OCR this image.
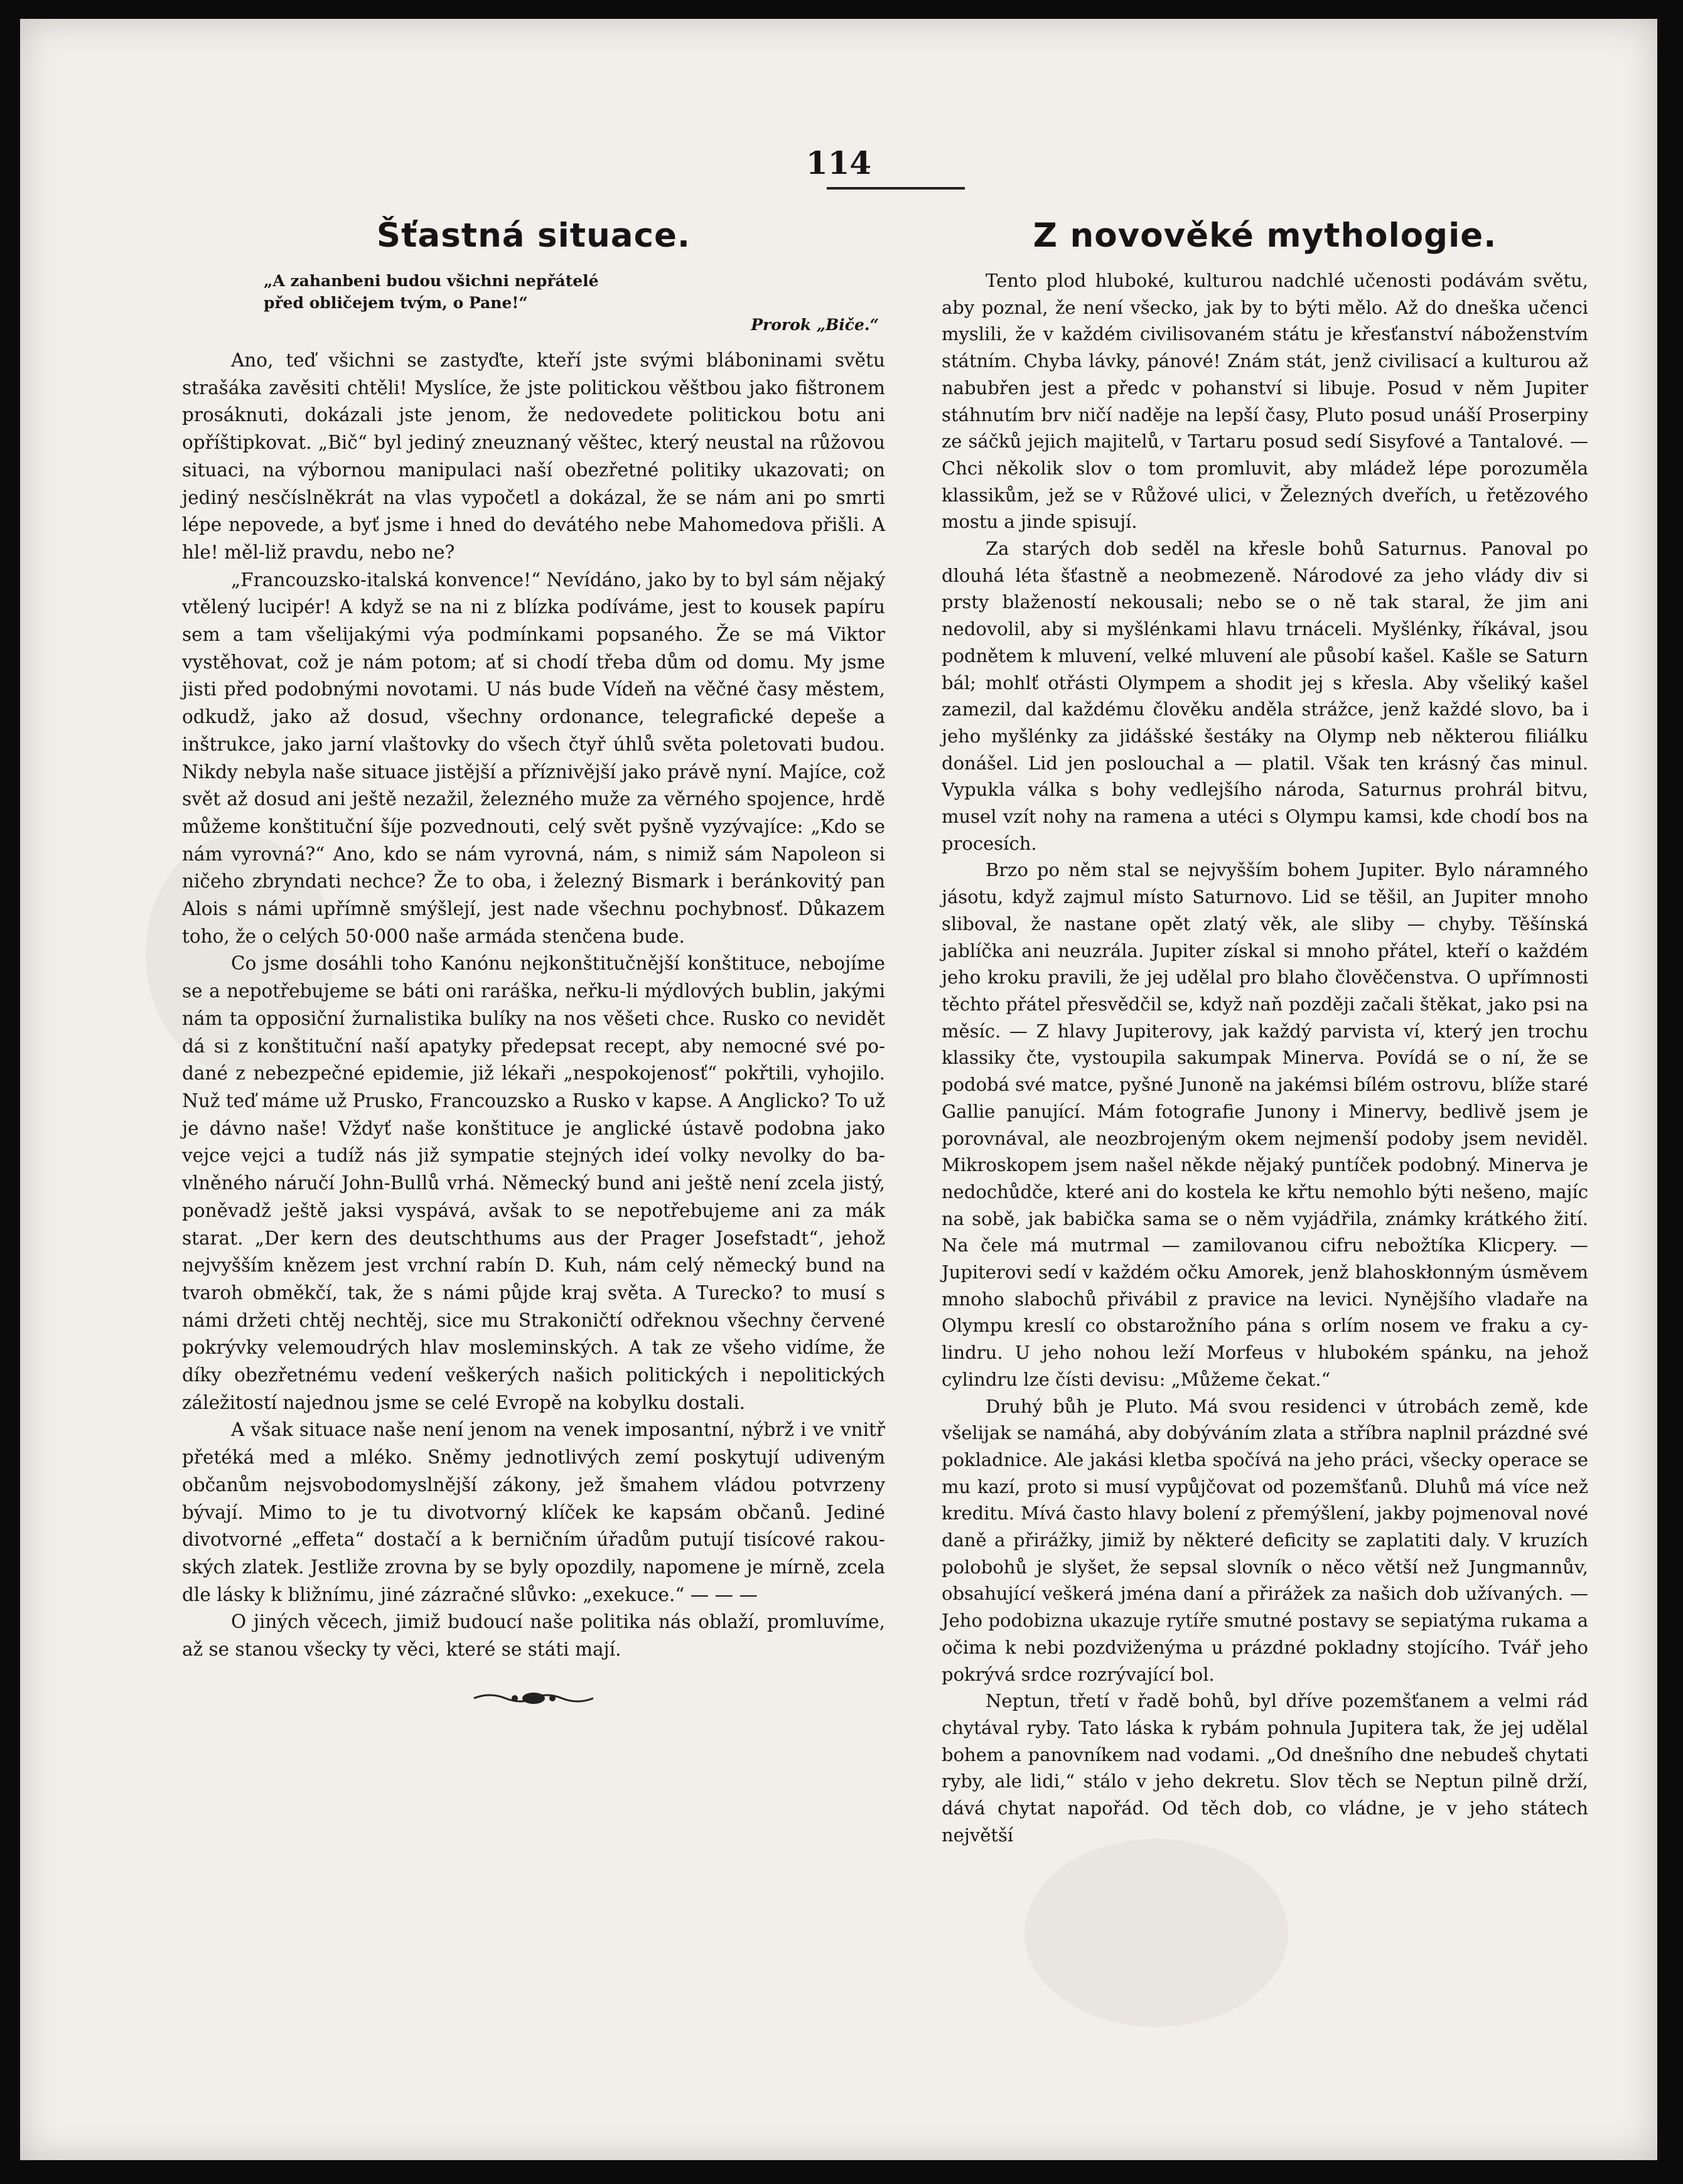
114
Šťastná situace.
„A zahanbeni budou všichni nepřátelé
před obličejem tvým, o Pane!“
Prorok „Biče.“

Ano, teď všichni se zastyďte, kteří jste svými bláboninami světu strašáka zavěsiti chtěli! Myslíce, že jste politickou věštbou jako fištronem prosáknuti, dokázali jste jenom, že nedovedete politickou botu ani opříštipkovat. „Bič“ byl jediný zneuznaný věštec, který neustal na růžovou situaci, na výbornou manipulaci naší obezřetné politiky ukazovati; on jediný nesčíslněkrát na vlas vypočetl a dokázal, že se nám ani po smrti lépe nepovede, a byť jsme i hned do devátého nebe Mahomedova přišli. A hle! měl-liž pravdu, nebo ne?

„Francouzsko-italská konvence!“ Nevídáno, jako by to byl sám nějaký vtělený lucipér! A když se na ni z blízka podíváme, jest to kousek papíru sem a tam všelijakými výa podmínkami popsaného. Že se má Viktor vystěhovat, což je nám potom; ať si chodí třeba dům od domu. My jsme jisti před podobnými novotami. U nás bude Vídeň na věčné časy městem, odkudž, jako až dosud, všechny ordonance, telegrafické depeše a inštrukce, jako jarní vlaštovky do všech čtyř úhlů světa poletovati budou. Nikdy nebyla naše situace jistější a příznivější jako právě nyní. Majíce, což svět až dosud ani ještě nezažil, železného muže za věrného spojence, hrdě můžeme konštituční šíje pozvednouti, celý svět pyšně vyzývajíce: „Kdo se nám vyrovná?“ Ano, kdo se nám vyrovná, nám, s nimiž sám Napoleon si ničeho zbryndati nechce? Že to oba, i železný Bismark i beránkovitý pan Alois s námi upřímně smýšlejí, jest nade všechnu pochybnosť. Důkazem toho, že o celých 50·000 naše armáda stenčena bude.

Co jsme dosáhli toho Kanónu nejkonštitučnější konštituce, nebojíme se a nepotřebujeme se báti oni raráška, neřku-li mýdlových bublin, jakými nám ta opposiční žurnalistika bulíky na nos věšeti chce. Rusko co nevidět dá si z konštituční naší apatyky předepsat recept, aby nemocné své podané z nebezpečné epidemie, již lékaři „nespokojenosť“ pokřtili, vyhojilo. Nuž teď máme už Prusko, Francouzsko a Rusko v kapse. A Anglicko? To už je dávno naše! Vždyť naše konštituce je anglické ústavě podobna jako vejce vejci a tudíž nás již sympatie stejných ideí volky nevolky do bavlněného náručí John-Bullů vrhá. Německý bund ani ještě není zcela jistý, poněvadž ještě jaksi vyspává, avšak to se nepotřebujeme ani za mák starat. „Der kern des deutschthums aus der Prager Josefstadt“, jehož nejvyšším knězem jest vrchní rabín D. Kuh, nám celý německý bund na tvaroh obměkčí, tak, že s námi půjde kraj světa. A Turecko? to musí s námi držeti chtěj nechtěj, sice mu Strakoničtí odřeknou všechny červené pokrývky velemoudrých hlav mosleminských. A tak ze všeho vidíme, že díky obezřetnému vedení veškerých našich politických i nepolitických záležitostí najednou jsme se celé Evropě na kobylku dostali.

A však situace naše není jenom na venek imposantní, nýbrž i ve vnitř přetéká med a mléko. Sněmy jednotlivých zemí poskytují udiveným občanům nejsvobodomyslnější zákony, jež šmahem vládou potvrzeny bývají. Mimo to je tu divotvorný klíček ke kapsám občanů. Jediné divotvorné „effeta“ dostačí a k berničním úřadům putují tisícové rakouských zlatek. Jestliže zrovna by se byly opozdily, napomene je mírně, zcela dle lásky k bližnímu, jiné zázračné slůvko: „exekuce.“ — — —

O jiných věcech, jimiž budoucí naše politika nás oblaží, promluvíme, až se stanou všecky ty věci, které se státi mají.

Z novověké mythologie.

Tento plod hluboké, kulturou nadchlé učenosti podávám světu, aby poznal, že není všecko, jak by to býti mělo. Až do dneška učenci myslili, že v každém civilisovaném státu je křesťanství náboženstvím státním. Chyba lávky, pánové! Znám stát, jenž civilisací a kulturou až nabubřen jest a předc v pohanství si libuje. Posud v něm Jupiter stáhnutím brv ničí naděje na lepší časy, Pluto posud unáší Proserpiny ze sáčků jejich majitelů, v Tartaru posud sedí Sisyfové a Tantalové. — Chci několik slov o tom promluvit, aby mládež lépe porozuměla klassikům, jež se v Růžové ulici, v Železných dveřích, u řetězového mostu a jinde spisují.

Za starých dob seděl na křesle bohů Saturnus. Panoval po dlouhá léta šťastně a neobmezeně. Národové za jeho vlády div si prsty blažeností nekousali; nebo se o ně tak staral, že jim ani nedovolil, aby si myšlénkami hlavu trnáceli. Myšlénky, říkával, jsou podnětem k mluvení, velké mluvení ale působí kašel. Kašle se Saturn bál; mohlť otřásti Olympem a shodit jej s křesla. Aby všeliký kašel zamezil, dal každému člověku anděla strážce, jenž každé slovo, ba i jeho myšlénky za jidášské šestáky na Olymp neb některou filiálku donášel. Lid jen poslouchal a — platil. Však ten krásný čas minul. Vypukla válka s bohy vedlejšího národa, Saturnus prohrál bitvu, musel vzít nohy na ramena a utéci s Olympu kamsi, kde chodí bos na procesích.

Brzo po něm stal se nejvyšším bohem Jupiter. Bylo náramného jásotu, když zajmul místo Saturnovo. Lid se těšil, an Jupiter mnoho sliboval, že nastane opět zlatý věk, ale sliby — chyby. Těšínská jablíčka ani neuzrála. Jupiter získal si mnoho přátel, kteří o každém jeho kroku pravili, že jej udělal pro blaho člověčenstva. O upřímnosti těchto přátel přesvědčil se, když naň později začali štěkat, jako psi na měsíc. — Z hlavy Jupiterovy, jak každý parvista ví, který jen trochu klassiky čte, vystoupila sakumpak Minerva. Povídá se o ní, že se podobá své matce, pyšné Junoně na jakémsi bílém ostrovu, blíže staré Gallie panující. Mám fotografie Junony i Minervy, bedlivě jsem je porovnával, ale neozbrojeným okem nejmenší podoby jsem neviděl. Mikroskopem jsem našel někde nějaký puntíček podobný. Minerva je nedochůdče, které ani do kostela ke křtu nemohlo býti nešeno, majíc na sobě, jak babička sama se o něm vyjádřila, známky krátkého žití. Na čele má mutrmal — zamilovanou cifru nebožtíka Klicpery. — Jupiterovi sedí v každém očku Amorek, jenž blahoskłonným úsměvem mnoho slabochů přivábil z pravice na levici. Nynějšího vladaře na Olympu kreslí co obstarožního pána s orlím nosem ve fraku a cylindru. U jeho nohou leží Morfeus v hlubokém spánku, na jehož cylindru lze čísti devisu: „Můžeme čekat.“

Druhý bůh je Pluto. Má svou residenci v útrobách země, kde všelijak se namáhá, aby dobýváním zlata a stříbra naplnil prázdné své pokladnice. Ale jakási kletba spočívá na jeho práci, všecky operace se mu kazí, proto si musí vypůjčovat od pozemšťanů. Dluhů má více než kreditu. Mívá často hlavy bolení z přemýšlení, jakby pojmenoval nové daně a přirážky, jimiž by některé deficity se zaplatiti daly. V kruzích polobohů je slyšet, že sepsal slovník o něco větší než Jungmannův, obsahující veškerá jména daní a přirážek za našich dob užívaných. — Jeho podobizna ukazuje rytíře smutné postavy se sepiatýma rukama a očima k nebi pozdviženýma u prázdné pokladny stojícího. Tvář jeho pokrývá srdce rozrývající bol.

Neptun, třetí v řadě bohů, byl dříve pozemšťanem a velmi rád chytával ryby. Tato láska k rybám pohnula Jupitera tak, že jej udělal bohem a panovníkem nad vodami. „Od dnešního dne nebudeš chytati ryby, ale lidi,“ stálo v jeho dekretu. Slov těch se Neptun pilně drží, dává chytat napořád. Od těch dob, co vládne, je v jeho státech největší
